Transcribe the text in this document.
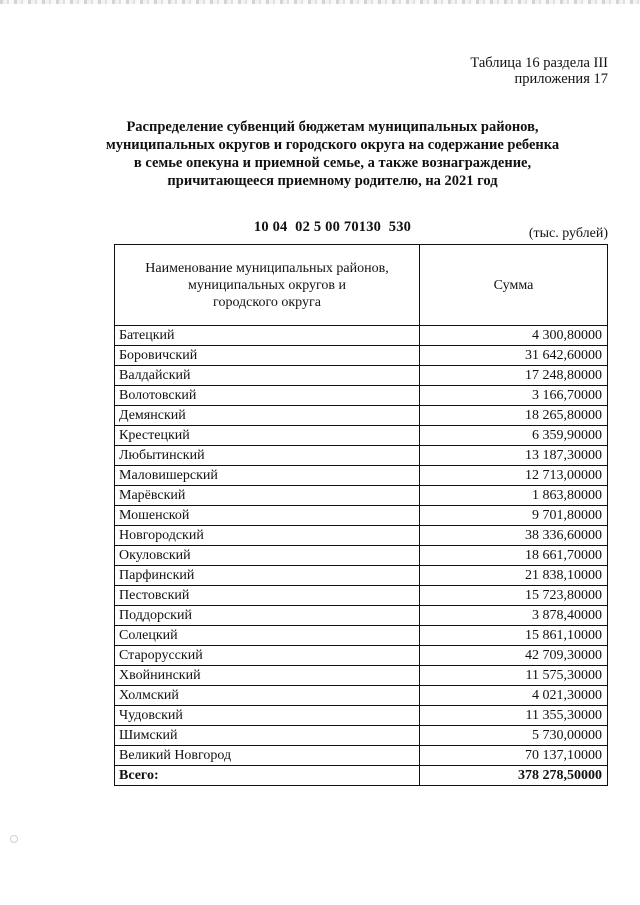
Таблица 16 раздела III
приложения 17
Распределение субвенций бюджетам муниципальных районов,
муниципальных округов и городского округа на содержание ребенка
в семье опекуна и приемной семье, а также вознаграждение,
причитающееся приемному родителю, на 2021 год
10 04  02 5 00 70130  530	(тыс. рублей)
Наименование муниципальных районов,
муниципальных округов и
городского округа	Сумма
Батецкий	4 300,80000
Боровичский	31 642,60000
Валдайский	17 248,80000
Волотовский	3 166,70000
Демянский	18 265,80000
Крестецкий	6 359,90000
Любытинский	13 187,30000
Маловишерский	12 713,00000
Марёвский	1 863,80000
Мошенской	9 701,80000
Новгородский	38 336,60000
Окуловский	18 661,70000
Парфинский	21 838,10000
Пестовский	15 723,80000
Поддорский	3 878,40000
Солецкий	15 861,10000
Старорусский	42 709,30000
Хвойнинский	11 575,30000
Холмский	4 021,30000
Чудовский	11 355,30000
Шимский	5 730,00000
Великий Новгород	70 137,10000
Всего:	378 278,50000
